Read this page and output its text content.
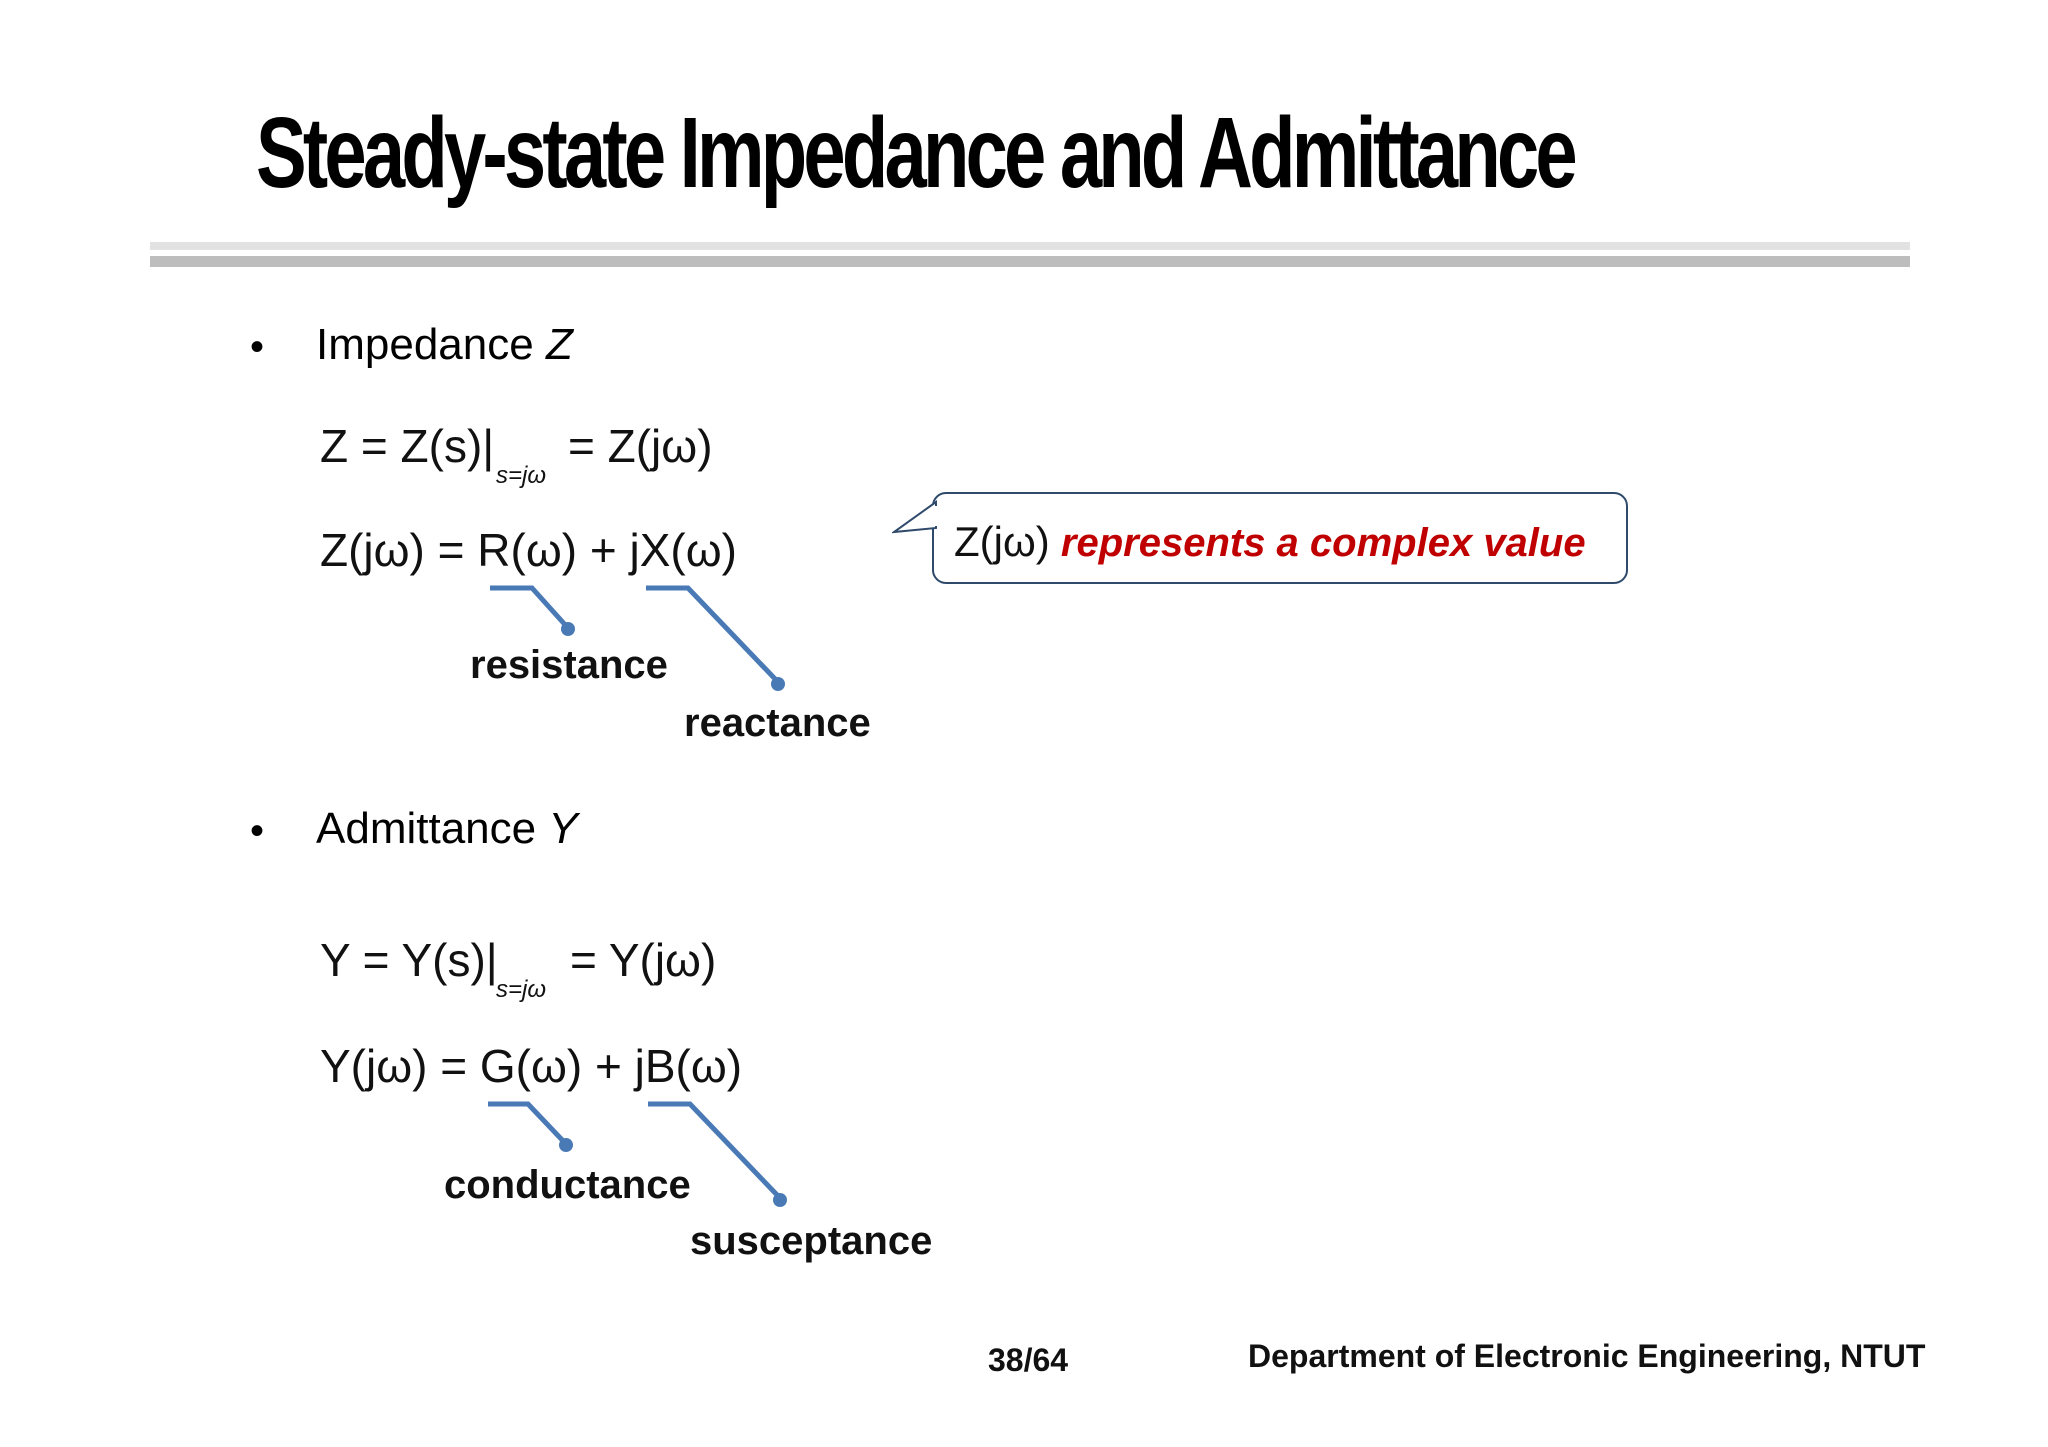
Steady-state Impedance and Admittance
• Impedance Z
Z = Z(s)|
s=jω
= Z(jω)
Z(jω) = R(ω) + jX(ω)
resistance
reactance
Z(jω) represents a complex value
• Admittance Y
Y = Y(s)|
s=jω
= Y(jω)
Y(jω) = G(ω) + jB(ω)
conductance
susceptance
38/64	Department of Electronic Engineering, NTUT
